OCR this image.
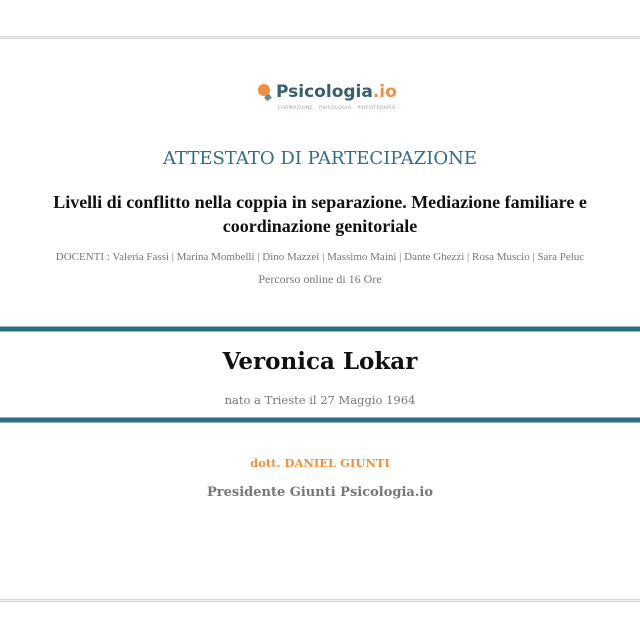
Psicologia.io
FORMAZIONE · PSICOLOGIA · PSICOTERAPIA
ATTESTATO DI PARTECIPAZIONE
Livelli di conflitto nella coppia in separazione. Mediazione familiare e
coordinazione genitoriale
DOCENTI : Valeria Fassi | Marina Mombelli | Dino Mazzei | Massimo Maini | Dante Ghezzi | Rosa Muscio | Sara Peluc
Percorso online di 16 Ore
Veronica Lokar
nato a Trieste il 27 Maggio 1964
dott. DANIEL GIUNTI
Presidente Giunti Psicologia.io
